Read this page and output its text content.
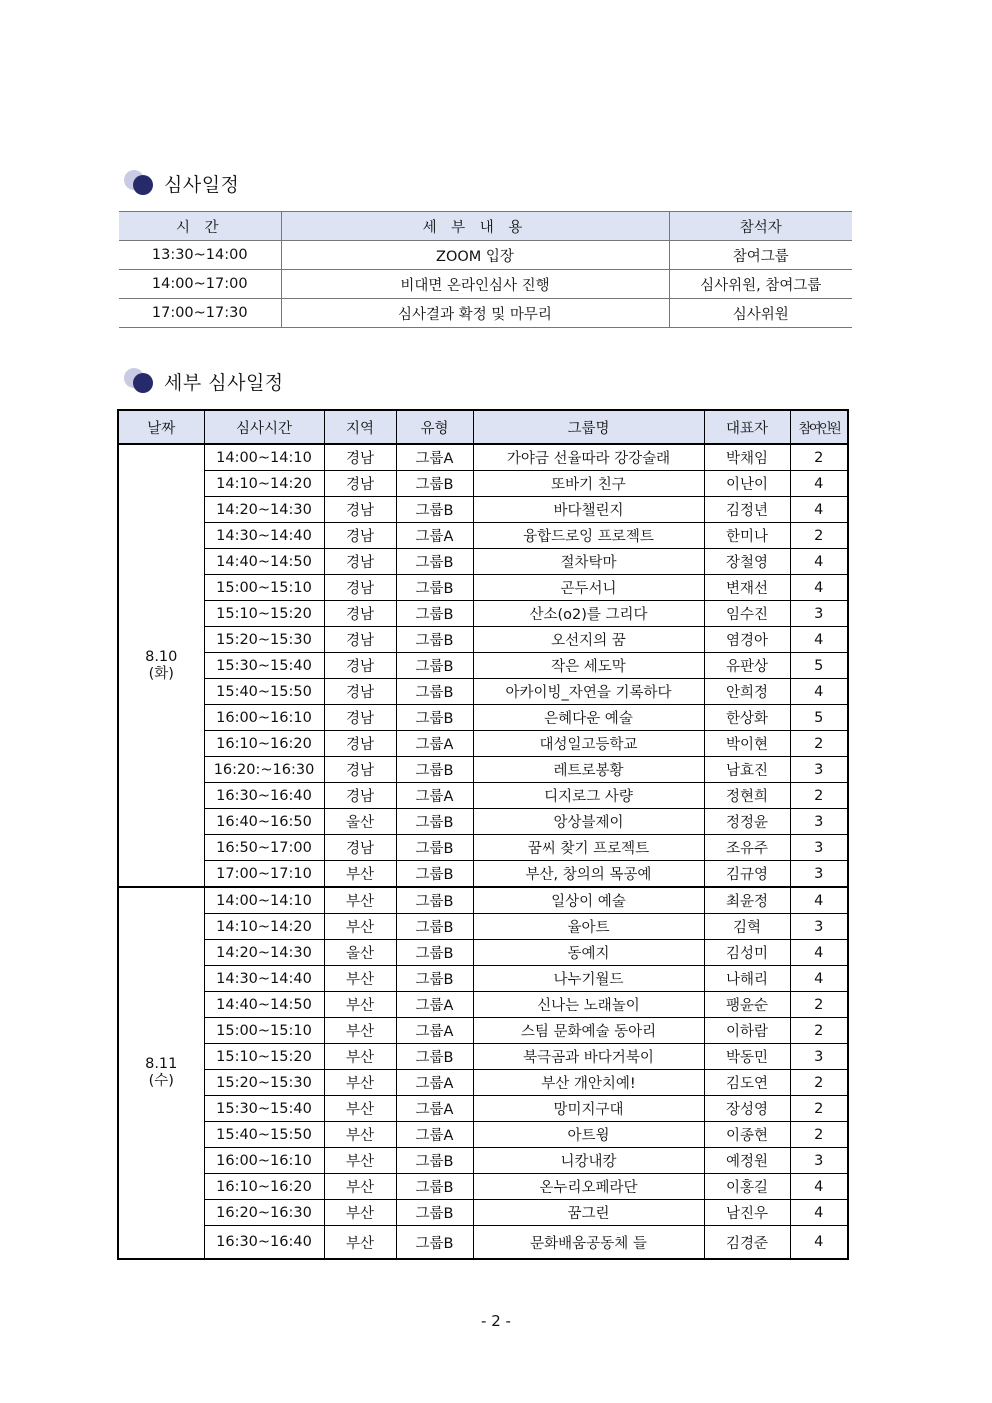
심사일정
시 간	세 부 내 용	참석자
13:30~14:00	ZOOM 입장	참여그룹
14:00~17:00	비대면 온라인심사 진행	심사위원, 참여그룹
17:00~17:30	심사결과 확정 및 마무리	심사위원
세부 심사일정
날짜	심사시간	지역	유형	그룹명	대표자	참여인원

8.10
(화)	14:00~14:10	경남	그룹A	가야금 선율따라 강강술래	박채임	2
	14:10~14:20	경남	그룹B	또바기 친구	이난이	4
	14:20~14:30	경남	그룹B	바다챌린지	김정년	4
	14:30~14:40	경남	그룹A	융합드로잉 프로젝트	한미나	2
	14:40~14:50	경남	그룹B	절차탁마	장철영	4
	15:00~15:10	경남	그룹B	곤두서니	변재선	4
	15:10~15:20	경남	그룹B	산소(o2)를 그리다	임수진	3
	15:20~15:30	경남	그룹B	오선지의 꿈	염경아	4
	15:30~15:40	경남	그룹B	작은 세도막	유판상	5
	15:40~15:50	경남	그룹B	아카이빙_자연을 기록하다	안희정	4
	16:00~16:10	경남	그룹B	은혜다운 예술	한상화	5
	16:10~16:20	경남	그룹A	대성일고등학교	박이현	2
	16:20:~16:30	경남	그룹B	레트로봉황	남효진	3
	16:30~16:40	경남	그룹A	디지로그 사량	정현희	2
	16:40~16:50	울산	그룹B	앙상블제이	정정윤	3
	16:50~17:00	경남	그룹B	꿈씨 찾기 프로젝트	조유주	3
	17:00~17:10	부산	그룹B	부산, 창의의 목공예	김규영	3

8.11
(수)	14:00~14:10	부산	그룹B	일상이 예술	최윤정	4
	14:10~14:20	부산	그룹B	율아트	김혁	3
	14:20~14:30	울산	그룹B	동예지	김성미	4
	14:30~14:40	부산	그룹B	나누기월드	나해리	4
	14:40~14:50	부산	그룹A	신나는 노래놀이	팽윤순	2
	15:00~15:10	부산	그룹A	스팀 문화예술 동아리	이하람	2
	15:10~15:20	부산	그룹B	북극곰과 바다거북이	박동민	3
	15:20~15:30	부산	그룹A	부산 개안치예!	김도연	2
	15:30~15:40	부산	그룹A	망미지구대	장성영	2
	15:40~15:50	부산	그룹A	아트윙	이종현	2
	16:00~16:10	부산	그룹B	니캉내캉	예정원	3
	16:10~16:20	부산	그룹B	온누리오페라단	이홍길	4
	16:20~16:30	부산	그룹B	꿈그린	남진우	4
	16:30~16:40	부산	그룹B	문화배움공동체 들	김경준	4
- 2 -
